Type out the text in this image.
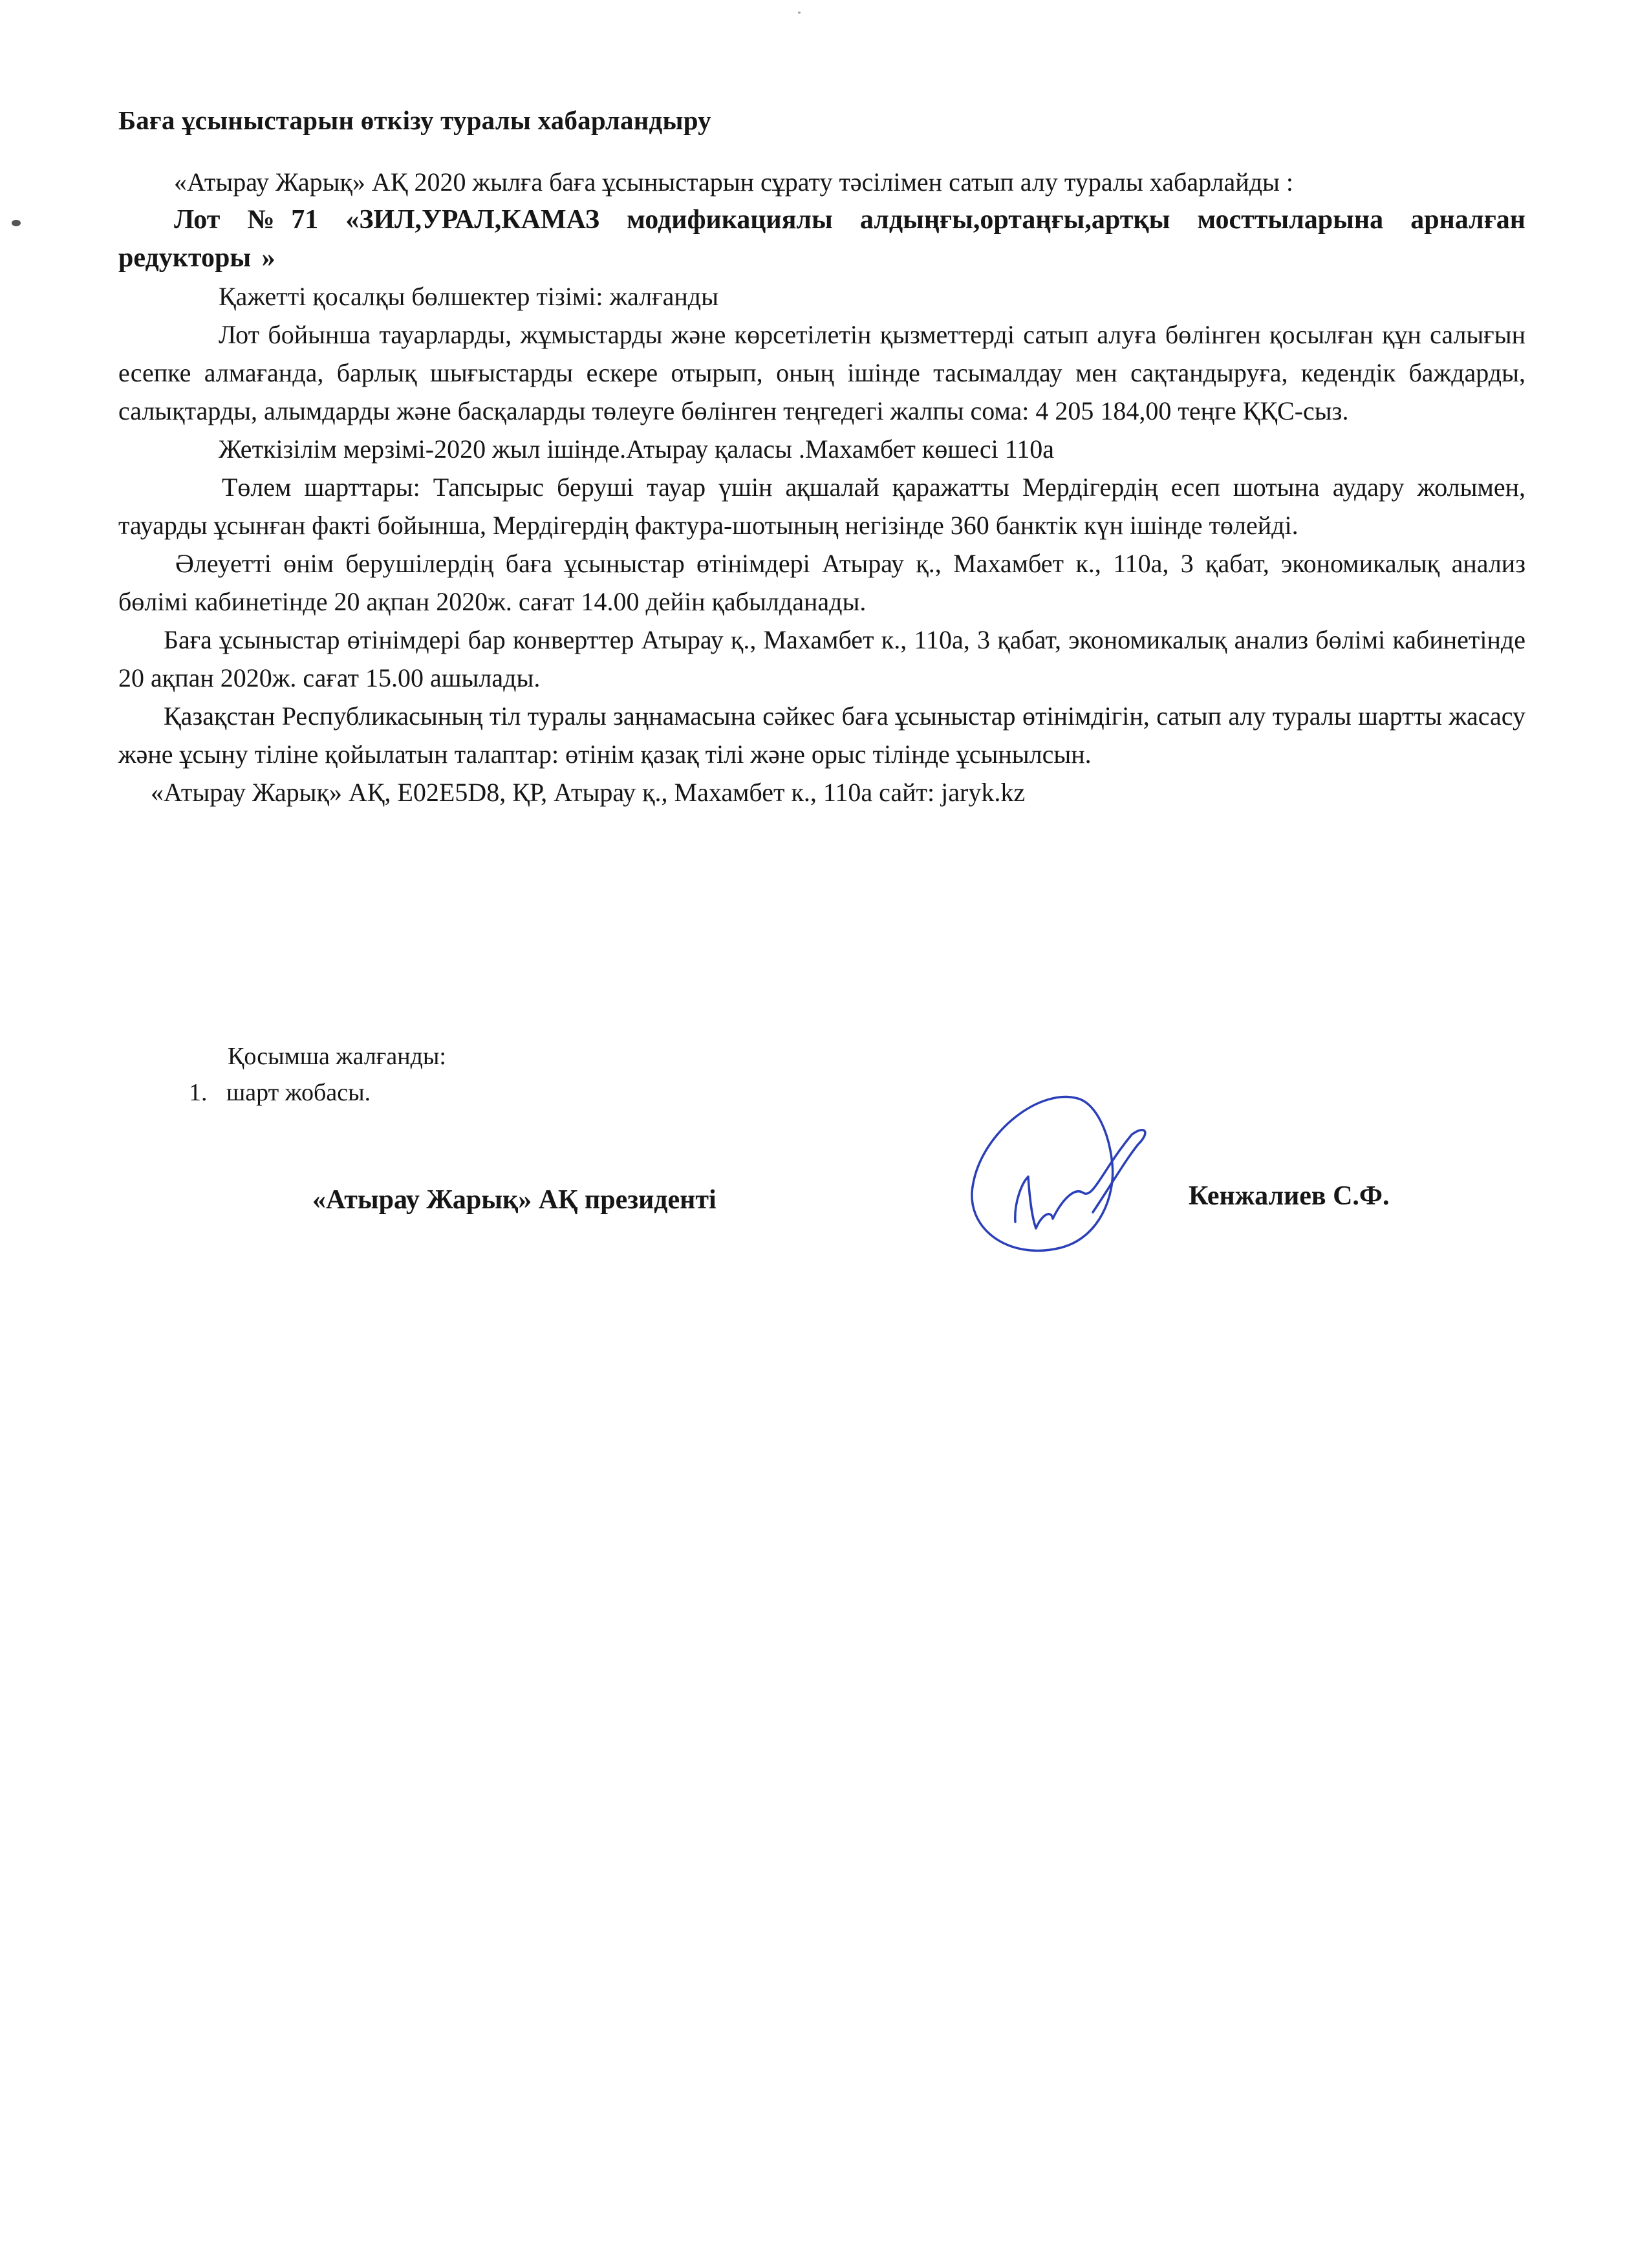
Баға ұсыныстарын өткізу туралы хабарландыру

«Атырау Жарық» АҚ 2020 жылға баға ұсыныстарын сұрату тәсілімен сатып алу туралы хабарлайды :

Лот №71 «ЗИЛ,УРАЛ,КАМАЗ модификациялы алдыңғы,ортаңғы,артқы мосттыларына арналған редукторы »

Қажетті қосалқы бөлшектер тізімі: жалғанды

Лот бойынша тауарларды, жұмыстарды және көрсетілетін қызметтерді сатып алуға бөлінген қосылған құн салығын есепке алмағанда, барлық шығыстарды ескере отырып, оның ішінде тасымалдау мен сақтандыруға, кедендік баждарды, салықтарды, алымдарды және басқаларды төлеуге бөлінген теңгедегі жалпы сома: 4 205 184,00 теңге ҚҚС-сыз.

Жеткізілім мерзімі-2020 жыл ішінде.Атырау қаласы .Махамбет көшесі 110а

Төлем шарттары: Тапсырыс беруші тауар үшін ақшалай қаражатты Мердігердің есеп шотына аудару жолымен, тауарды ұсынған факті бойынша, Мердігердің фактура-шотының негізінде 360 банктік күн ішінде төлейді.

Әлеуетті өнім берушілердің баға ұсыныстар өтінімдері Атырау қ., Махамбет к., 110а, 3 қабат, экономикалық анализ бөлімі кабинетінде 20 ақпан 2020ж. сағат 14.00 дейін қабылданады.

Баға ұсыныстар өтінімдері бар конверттер Атырау қ., Махамбет к., 110а, 3 қабат, экономикалық анализ бөлімі кабинетінде 20 ақпан 2020ж. сағат 15.00 ашылады.

Қазақстан Республикасының тіл туралы заңнамасына сәйкес баға ұсыныстар өтінімдігін, сатып алу туралы шартты жасасу және ұсыну тіліне қойылатын талаптар: өтінім қазақ тілі және орыс тілінде ұсынылсын.

«Атырау Жарық» АҚ, Е02Е5D8, ҚР, Атырау қ., Махамбет к., 110а сайт: jaryk.kz

Қосымша жалғанды:
1. шарт жобасы.
«Атырау Жарық» АҚ президенті	Кенжалиев С.Ф.
